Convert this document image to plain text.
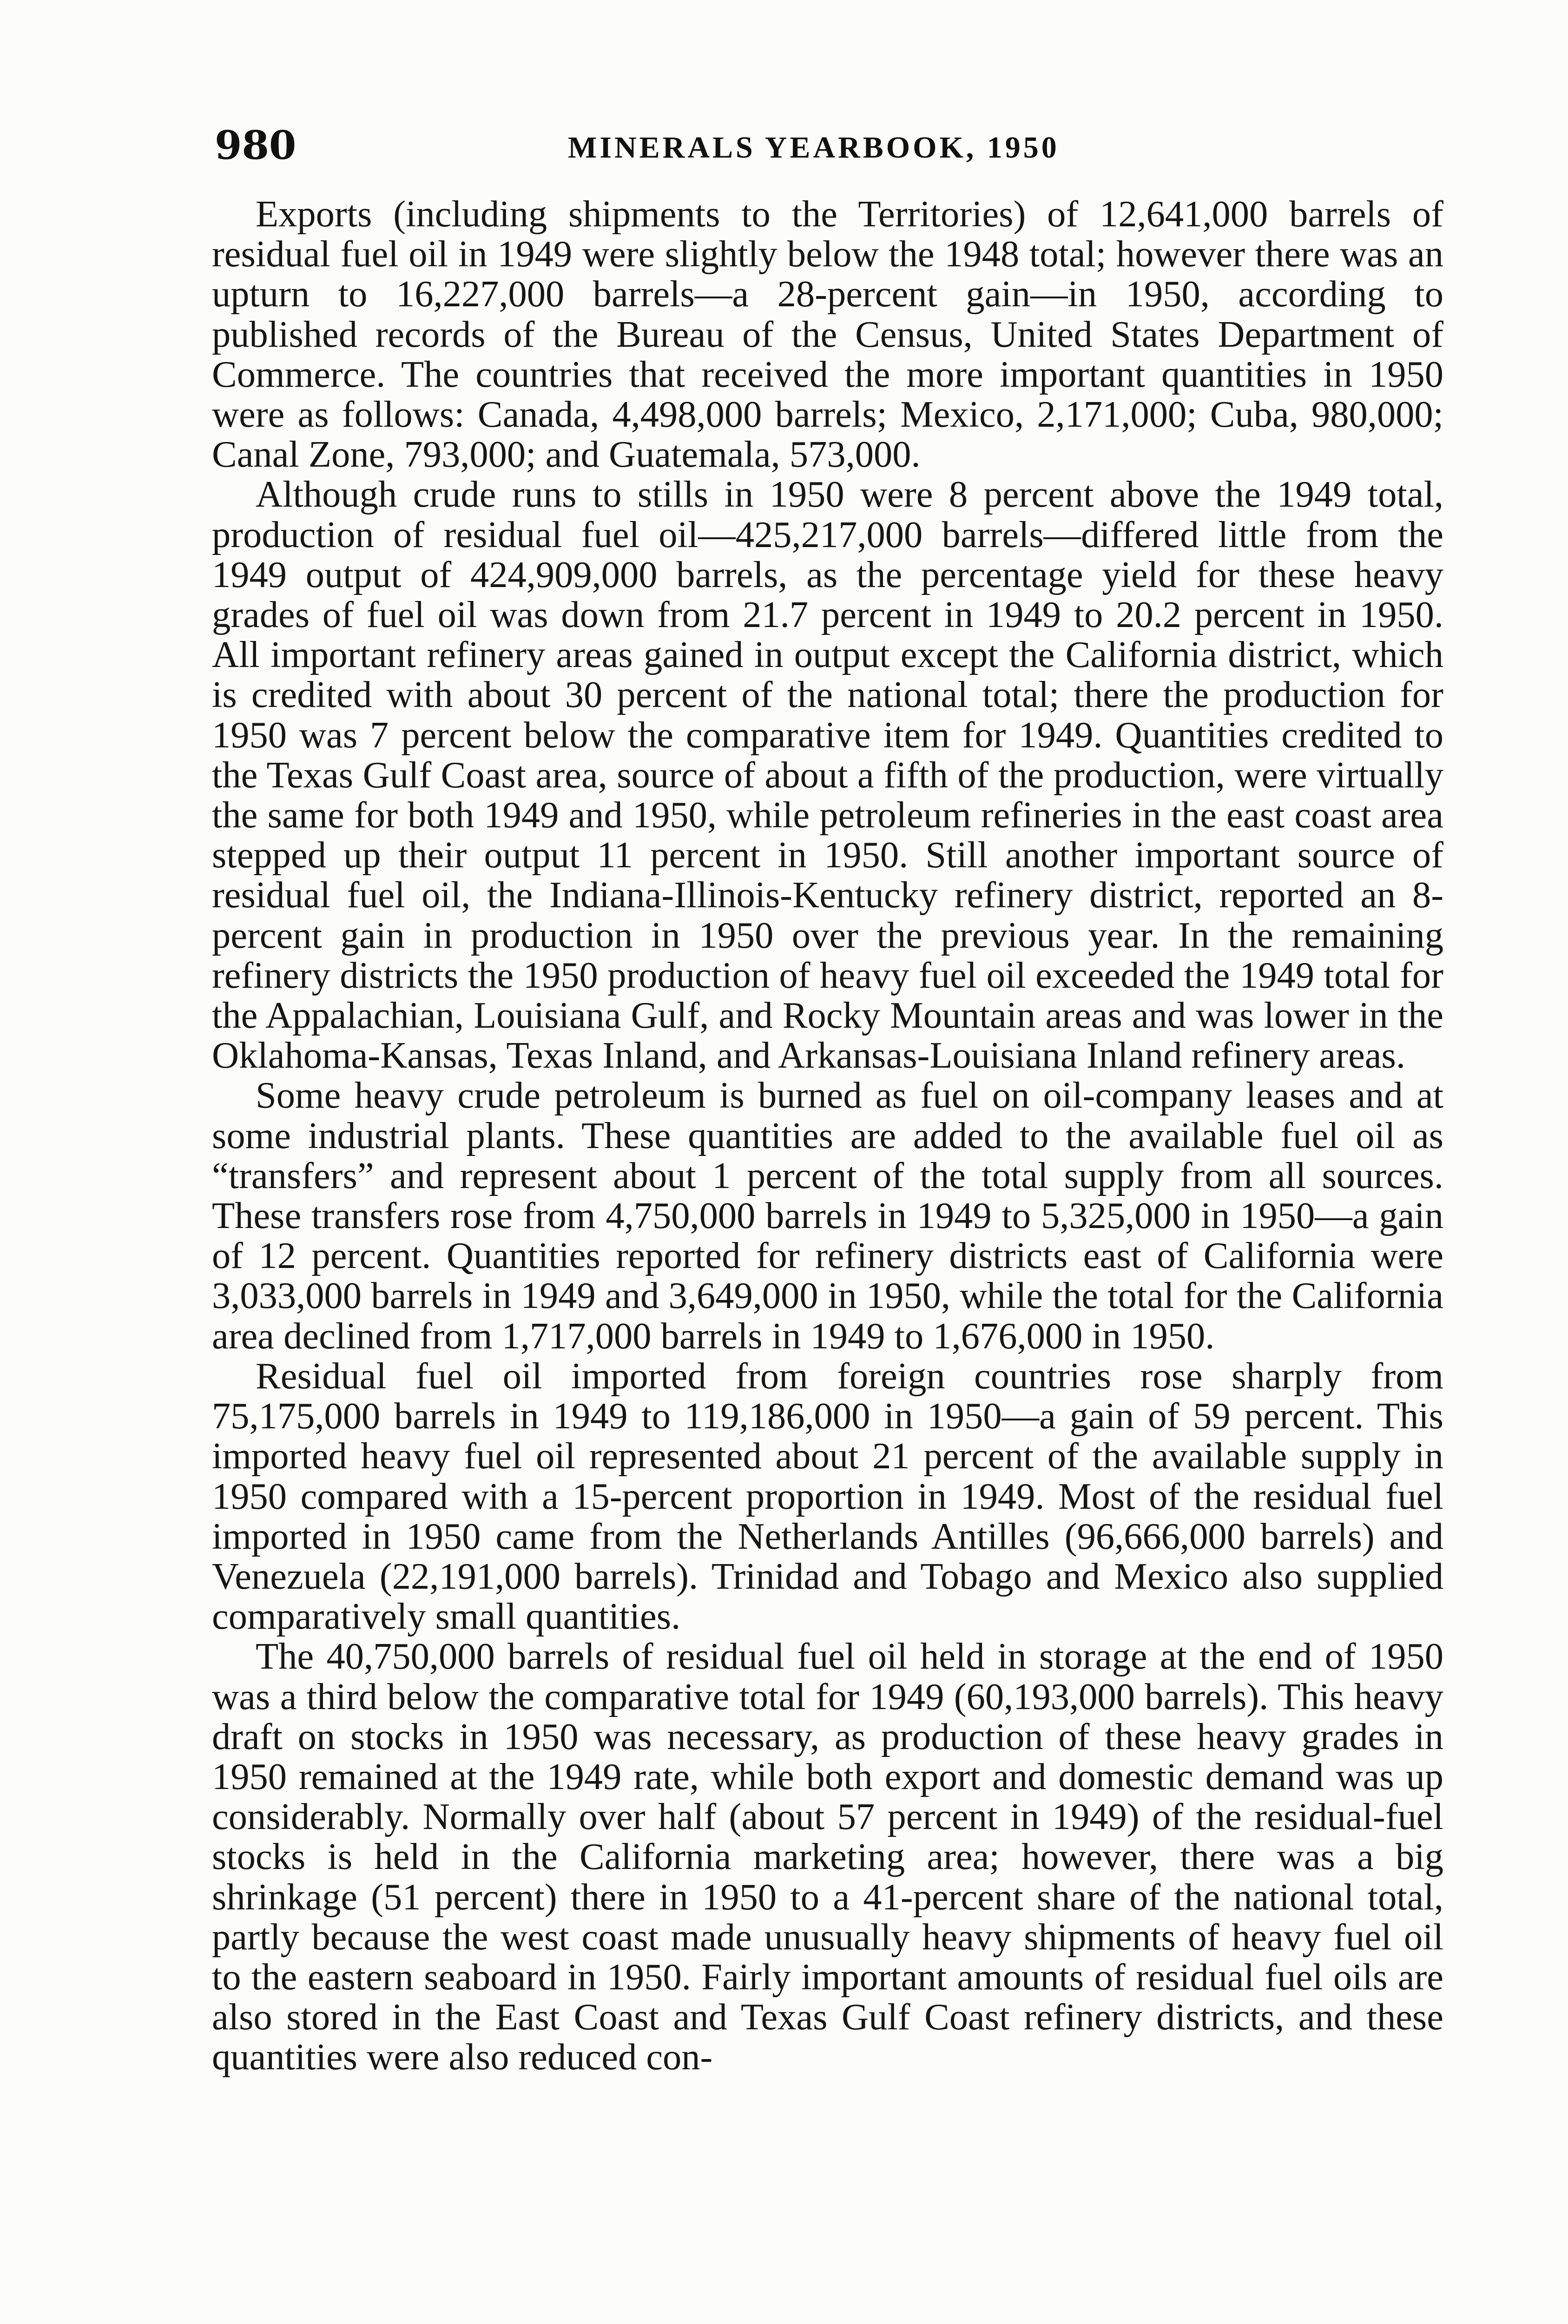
980	MINERALS YEARBOOK, 1950

Exports (including shipments to the Territories) of 12,641,000 barrels of residual fuel oil in 1949 were slightly below the 1948 total; however there was an upturn to 16,227,000 barrels—a 28-percent gain—in 1950, according to published records of the Bureau of the Census, United States Department of Commerce. The countries that received the more important quantities in 1950 were as follows: Canada, 4,498,000 barrels; Mexico, 2,171,000; Cuba, 980,000; Canal Zone, 793,000; and Guatemala, 573,000.

Although crude runs to stills in 1950 were 8 percent above the 1949 total, production of residual fuel oil—425,217,000 barrels—differed little from the 1949 output of 424,909,000 barrels, as the percentage yield for these heavy grades of fuel oil was down from 21.7 percent in 1949 to 20.2 percent in 1950. All important refinery areas gained in output except the California district, which is credited with about 30 percent of the national total; there the production for 1950 was 7 percent below the comparative item for 1949. Quantities credited to the Texas Gulf Coast area, source of about a fifth of the production, were virtually the same for both 1949 and 1950, while petroleum refineries in the east coast area stepped up their output 11 percent in 1950. Still another important source of residual fuel oil, the Indiana-Illinois-Kentucky refinery district, reported an 8-percent gain in production in 1950 over the previous year. In the remaining refinery districts the 1950 production of heavy fuel oil exceeded the 1949 total for the Appalachian, Louisiana Gulf, and Rocky Mountain areas and was lower in the Oklahoma-Kansas, Texas Inland, and Arkansas-Louisiana Inland refinery areas.

Some heavy crude petroleum is burned as fuel on oil-company leases and at some industrial plants. These quantities are added to the available fuel oil as “transfers” and represent about 1 percent of the total supply from all sources. These transfers rose from 4,750,000 barrels in 1949 to 5,325,000 in 1950—a gain of 12 percent. Quantities reported for refinery districts east of California were 3,033,000 barrels in 1949 and 3,649,000 in 1950, while the total for the California area declined from 1,717,000 barrels in 1949 to 1,676,000 in 1950.

Residual fuel oil imported from foreign countries rose sharply from 75,175,000 barrels in 1949 to 119,186,000 in 1950—a gain of 59 percent. This imported heavy fuel oil represented about 21 percent of the available supply in 1950 compared with a 15-percent proportion in 1949. Most of the residual fuel imported in 1950 came from the Netherlands Antilles (96,666,000 barrels) and Venezuela (22,191,000 barrels). Trinidad and Tobago and Mexico also supplied comparatively small quantities.

The 40,750,000 barrels of residual fuel oil held in storage at the end of 1950 was a third below the comparative total for 1949 (60,193,000 barrels). This heavy draft on stocks in 1950 was necessary, as production of these heavy grades in 1950 remained at the 1949 rate, while both export and domestic demand was up considerably. Normally over half (about 57 percent in 1949) of the residual-fuel stocks is held in the California marketing area; however, there was a big shrinkage (51 percent) there in 1950 to a 41-percent share of the national total, partly because the west coast made unusually heavy shipments of heavy fuel oil to the eastern seaboard in 1950. Fairly important amounts of residual fuel oils are also stored in the East Coast and Texas Gulf Coast refinery districts, and these quantities were also reduced con-
